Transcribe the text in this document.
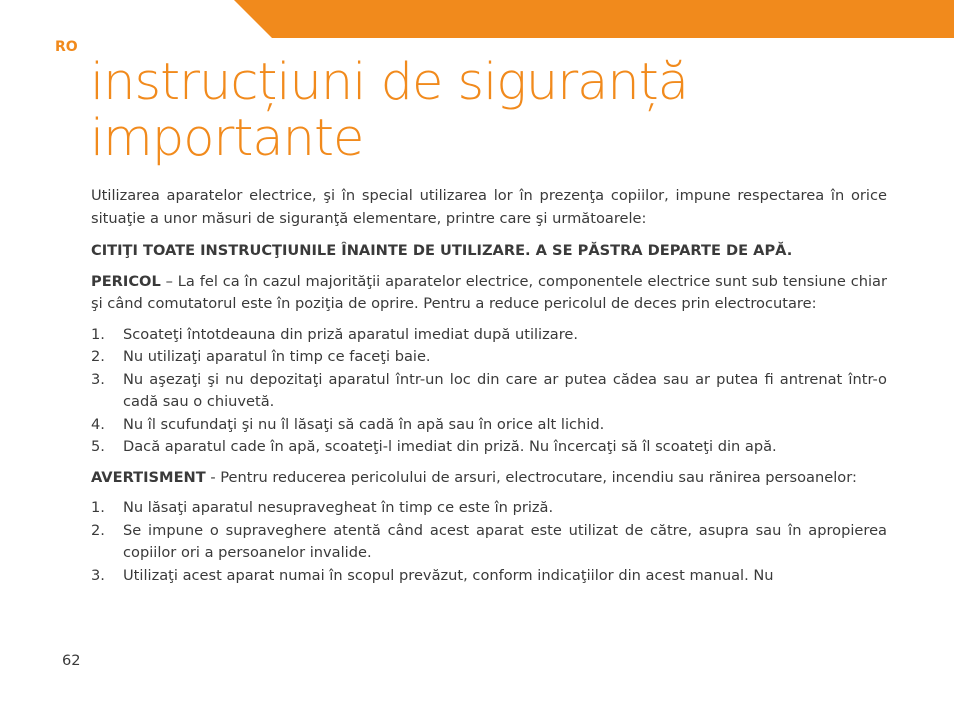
RO
instrucțiuni de siguranță
importante

Utilizarea aparatelor electrice, şi în special utilizarea lor în prezenţa copiilor, impune respectarea în orice situaţie a unor măsuri de siguranţă elementare, printre care şi următoarele:

CITIŢI TOATE INSTRUCŢIUNILE ÎNAINTE DE UTILIZARE. A SE PĂSTRA DEPARTE DE APĂ.

PERICOL – La fel ca în cazul majorităţii aparatelor electrice, componentele electrice sunt sub tensiune chiar şi când comutatorul este în poziţia de oprire. Pentru a reduce pericolul de deces prin electrocutare:

1. Scoateţi întotdeauna din priză aparatul imediat după utilizare.
2. Nu utilizaţi aparatul în timp ce faceţi baie.
3. Nu aşezaţi şi nu depozitaţi aparatul într-un loc din care ar putea cădea sau ar putea fi antrenat într-o cadă sau o chiuvetă.
4. Nu îl scufundaţi şi nu îl lăsaţi să cadă în apă sau în orice alt lichid.
5. Dacă aparatul cade în apă, scoateţi-l imediat din priză. Nu încercaţi să îl scoateţi din apă.

AVERTISMENT - Pentru reducerea pericolului de arsuri, electrocutare, incendiu sau rănirea persoanelor:

1. Nu lăsaţi aparatul nesupravegheat în timp ce este în priză.
2. Se impune o supraveghere atentă când acest aparat este utilizat de către, asupra sau în apropierea copiilor ori a persoanelor invalide.
3. Utilizaţi acest aparat numai în scopul prevăzut, conform indicaţiilor din acest manual. Nu
62
